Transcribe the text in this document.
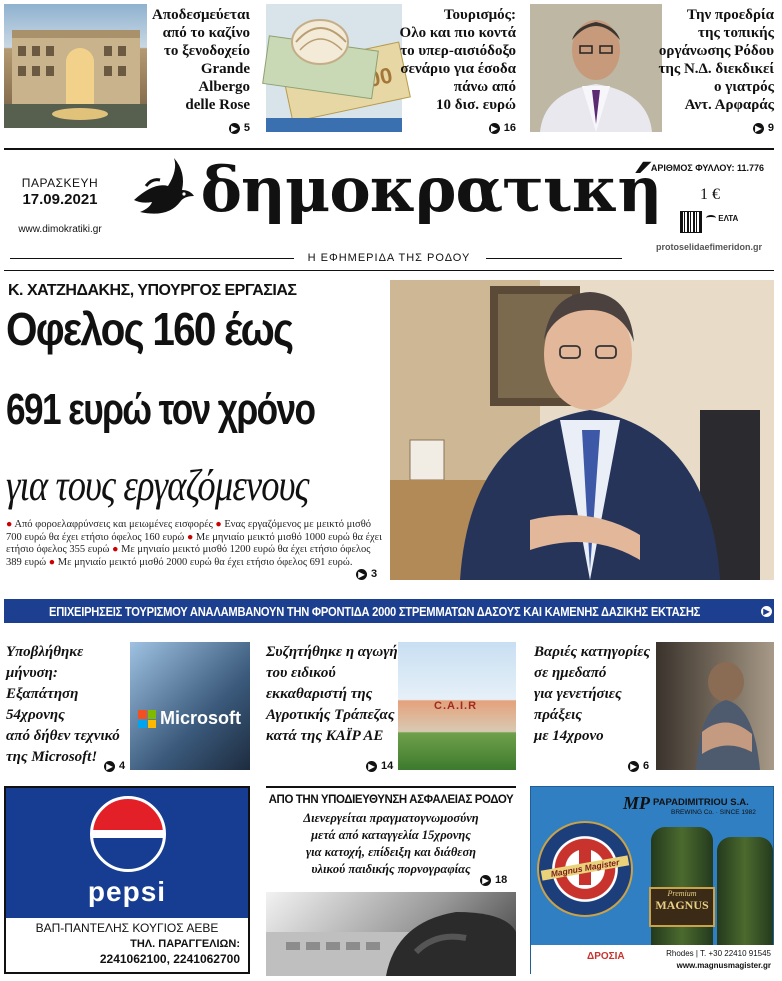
Αποδεσμεύεται
από το καζίνο
το ξενοδοχείο
Grande
Albergo
delle Rose
▶ 5
Τουρισμός:
Ολο και πιο κοντά
το υπερ-αισιόδοξο
σενάριο για έσοδα
πάνω από
10 δισ. ευρώ
▶ 16
Την προεδρία
της τοπικής
οργάνωσης Ρόδου
της Ν.Δ. διεκδικεί
ο γιατρός
Αντ. Αρφαράς
▶ 9
ΠΑΡΑΣΚΕΥΗ
17.09.2021
www.dimokratiki.gr
δημοκρατική
ΑΡΙΘΜΟΣ ΦΥΛΛΟΥ: 11.776
1 €
ΕΛΤΑ
protoselidaefimeridon.gr
Η ΕΦΗΜΕΡΙΔΑ ΤΗΣ ΡΟΔΟΥ
Κ. ΧΑΤΖΗΔΑΚΗΣ, ΥΠΟΥΡΓΟΣ ΕΡΓΑΣΙΑΣ
Οφελος 160 έως
691 ευρώ τον χρόνο
για τους εργαζόμενους
● Από φορoελαφρύνσεις και μειωμένες εισφορές ● Ενας εργαζόμενος με μεικτό μισθό 700 ευρώ θα έχει ετήσιο όφελος 160 ευρώ ● Με μηνιαίο μεικτό μισθό 1000 ευρώ θα έχει ετήσιο όφελος 355 ευρώ ● Με μηνιαίο μεικτό μισθό 1200 ευρώ θα έχει ετήσιο όφελος 389 ευρώ ● Με μηνιαίο μεικτό μισθό 2000 ευρώ θα έχει ετήσιο όφελος 691 ευρώ.
▶ 3
ΕΠΙΧΕΙΡΗΣΕΙΣ ΤΟΥΡΙΣΜΟΥ ΑΝΑΛΑΜΒΑΝΟΥΝ ΤΗΝ ΦΡΟΝΤΙΔΑ 2000 ΣΤΡΕΜΜΑΤΩΝ ΔΑΣΟΥΣ ΚΑΙ ΚΑΜΕΝΗΣ ΔΑΣΙΚΗΣ ΕΚΤΑΣΗΣ	▶ 8
Υποβλήθηκε μήνυση:
Εξαπάτηση
54χρονης
από δήθεν τεχνικό
της Microsoft!
Microsoft
▶ 4
Συζητήθηκε η αγωγή
του ειδικού
εκκαθαριστή της
Αγροτικής Τράπεζας
κατά της ΚΑΪΡ ΑΕ
C.A.I.R
▶ 14
Βαριές κατηγορίες
σε ημεδαπό
για γενετήσιες
πράξεις
με 14χρονο
▶ 6
pepsi
ΒΑΠ-ΠΑΝΤΕΛΗΣ ΚΟΥΓΙΟΣ ΑΕΒΕ
ΤΗΛ. ΠΑΡΑΓΓΕΛΙΩΝ:
2241062100, 2241062700
ΑΠΟ ΤΗΝ ΥΠΟΔΙΕΥΘΥΝΣΗ ΑΣΦΑΛΕΙΑΣ ΡΟΔΟΥ
Διενεργείται πραγματογνωμοσύνη
μετά από καταγγελία 15χρονης
για κατοχή, επίδειξη και διάθεση
υλικού παιδικής πορνογραφίας
▶ 18
MP PAPADIMITRIOU S.A.
BREWING Co. · SINCE 1982
Magnus Magister
Premium
MAGNUS
ΔΡΟΣΙΑ	Rhodes | T. +30 22410 91545
www.magnusmagister.gr
